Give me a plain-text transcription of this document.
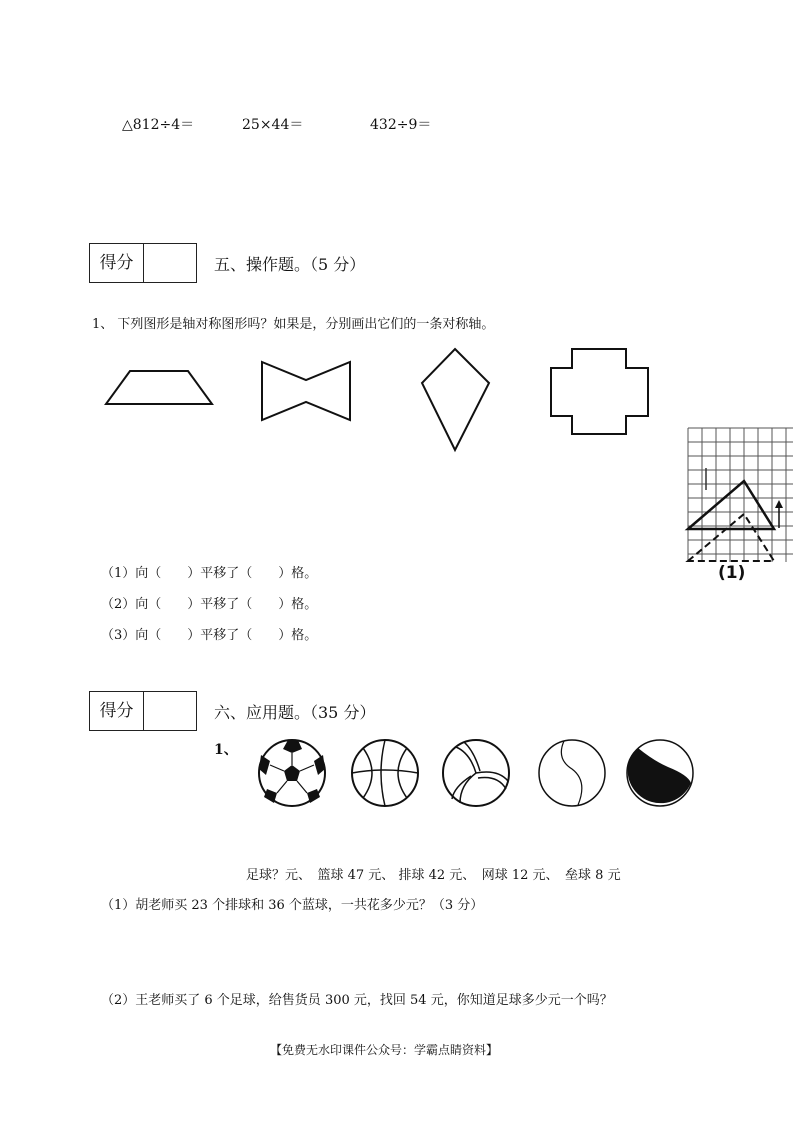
△812÷4＝	25×44＝	432÷9＝
得分	五、操作题。（5 分）
1、 下列图形是轴对称图形吗？如果是，分别画出它们的一条对称轴。
(1)
（1）向（　　）平移了（　　）格。
（2）向（　　）平移了（　　）格。
（3）向（　　）平移了（　　）格。
得分	六、应用题。（35 分）
1、
足球？元、　篮球 47 元、 排球 42 元、　网球 12 元、　垒球 8 元
（1）胡老师买 23 个排球和 36 个蓝球，一共花多少元？（3 分）
（2）王老师买了 6 个足球，给售货员 300 元，找回 54 元，你知道足球多少元一个吗？
【免费无水印课件公众号：学霸点睛资料】
